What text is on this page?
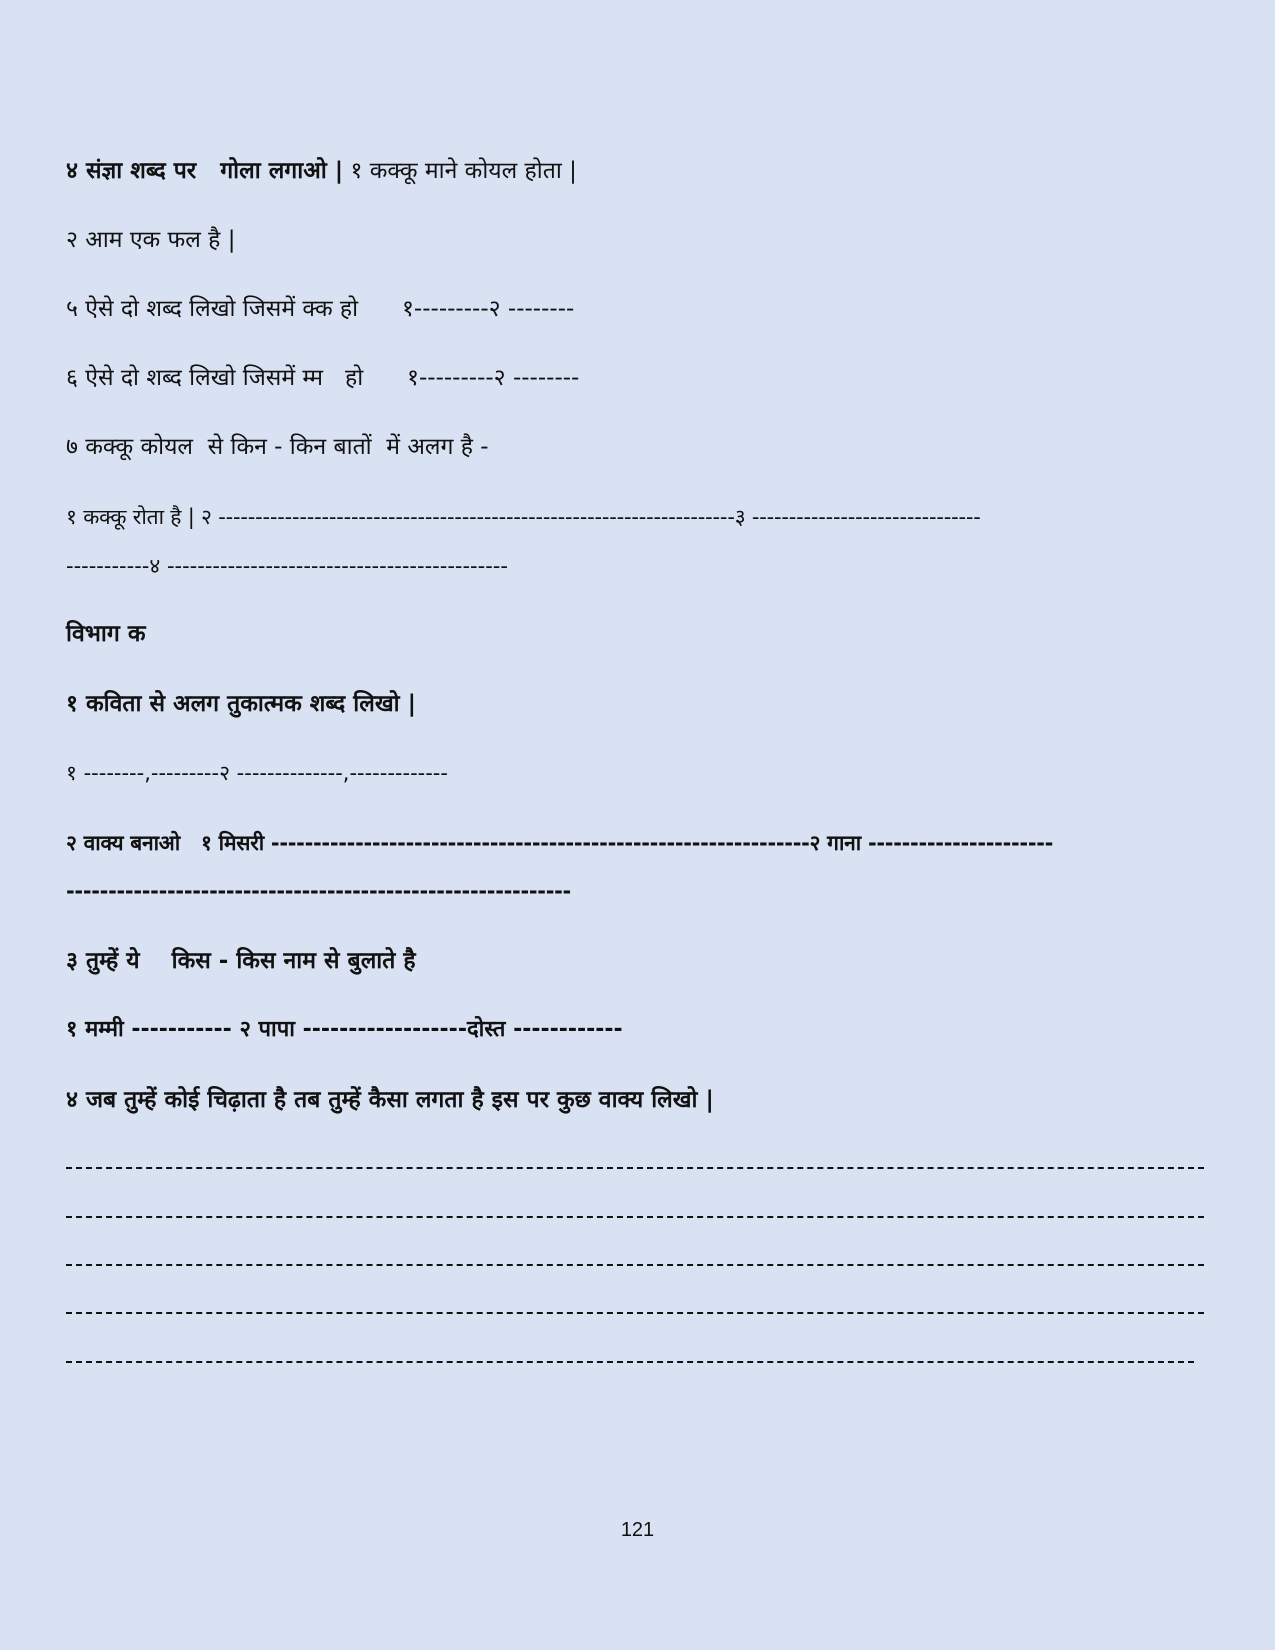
४ संज्ञा शब्द पर   गोला लगाओ | १ कक्कू माने कोयल होता |
२ आम एक फल है |
५ ऐसे दो शब्द लिखो जिसमें क्क हो      १---------२ --------
६ ऐसे दो शब्द लिखो जिसमें म्म   हो      १---------२ --------
७ कक्कू कोयल  से किन - किन बातों  में अलग है -
१ कक्कू रोता है | २ ----------------------------------------------------------------------३ -------------------------------
-----------४ ---------------------------------------------
विभाग क
१ कविता से अलग तुकात्मक शब्द लिखो |
१ --------,---------२ --------------,-------------
२ वाक्य बनाओ   १ मिसरी ----------------------------------------------------------------२ गाना ----------------------
------------------------------------------------------------
३ तुम्हें ये    किस - किस नाम से बुलाते है
१ मम्मी ----------- २ पापा ------------------दोस्त ------------
४ जब तुम्हें कोई चिढ़ाता है तब तुम्हें कैसा लगता है इस पर कुछ वाक्य लिखो |
121
